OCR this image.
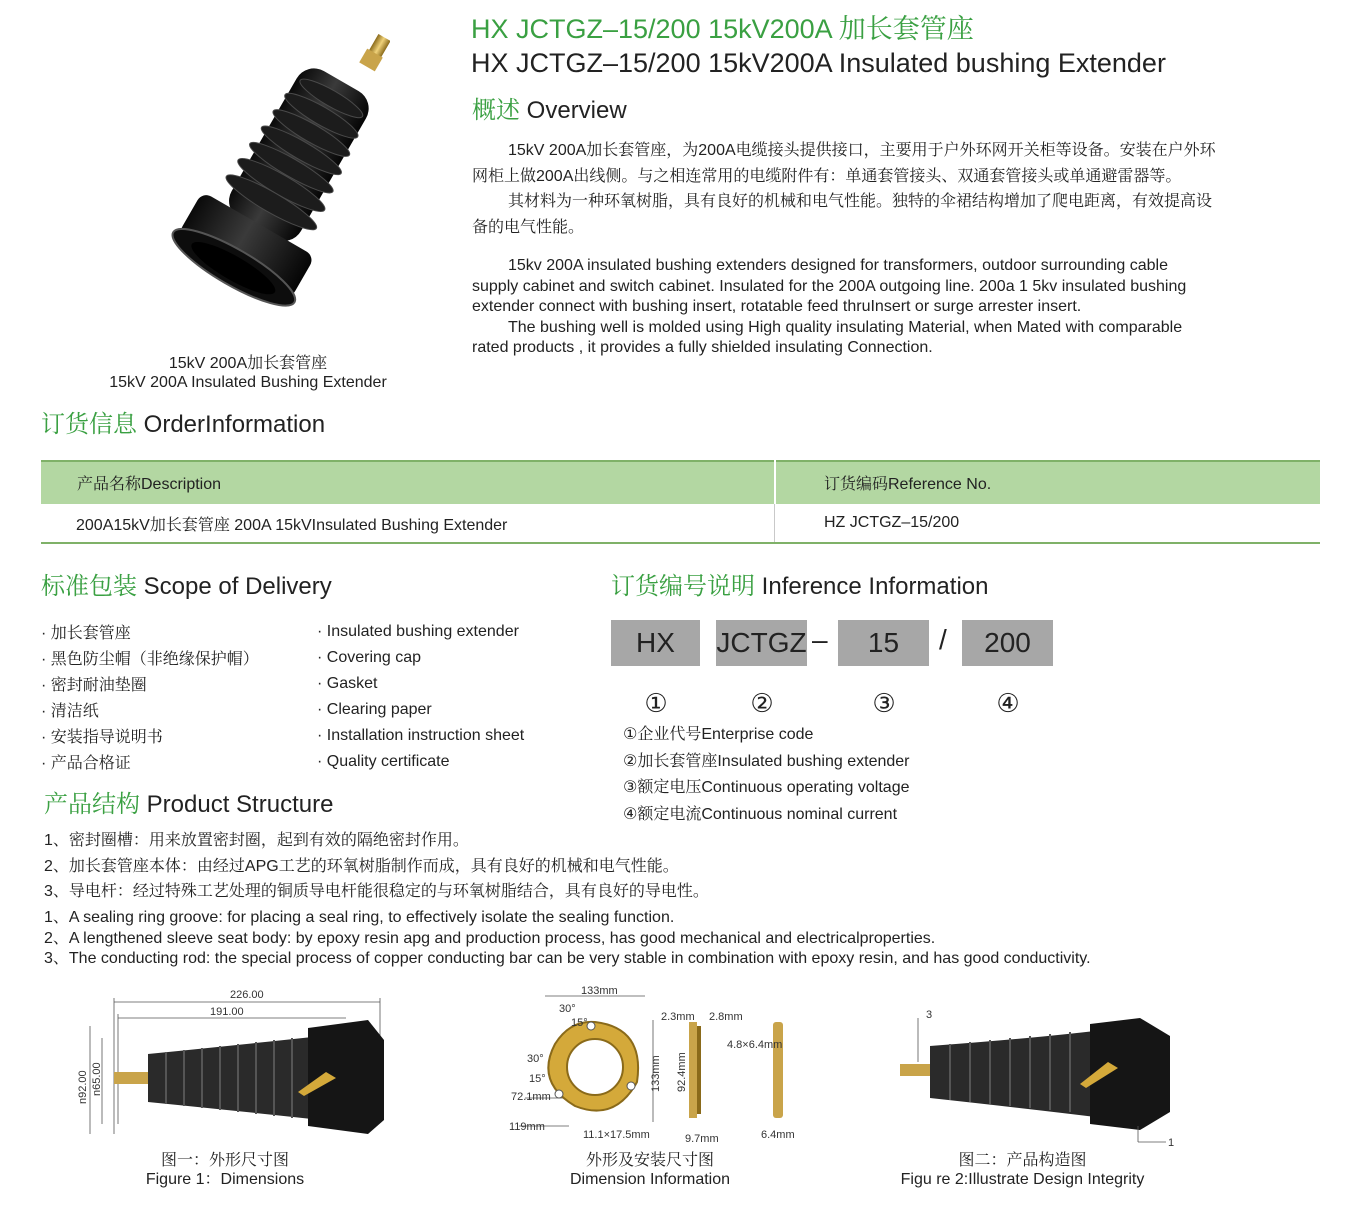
HX JCTGZ–15/200 15kV200A 加长套管座
HX JCTGZ–15/200 15kV200A Insulated bushing Extender
15kV 200A加长套管座
15kV 200A Insulated Bushing Extender
概述 Overview

15kV 200A加长套管座，为200A电缆接头提供接口，主要用于户外环网开关柜等设备。安装在户外环

网柜上做200A出线侧。与之相连常用的电缆附件有：单通套管接头、双通套管接头或单通避雷器等。

其材料为一种环氧树脂，具有良好的机械和电气性能。独特的伞裙结构增加了爬电距离，有效提高设

备的电气性能。

15kv 200A insulated bushing extenders designed for transformers, outdoor surrounding cable

supply cabinet and switch cabinet. Insulated for the 200A outgoing line. 200a 1 5kv insulated bushing

extender connect with bushing insert, rotatable feed thruInsert or surge arrester insert.

The bushing well is molded using High quality insulating Material, when Mated with comparable

rated products , it provides a fully shielded insulating Connection.

订货信息 OrderInformation
产品名称Description	订货编码Reference No.
200A15kV加长套管座 200A 15kVInsulated Bushing Extender	HZ JCTGZ–15/200
标准包装 Scope of Delivery
· 加长套管座
· 黑色防尘帽（非绝缘保护帽）
· 密封耐油垫圈
· 清洁纸
· 安装指导说明书
· 产品合格证
· Insulated bushing extender
· Covering cap
· Gasket
· Clearing paper
· Installation instruction sheet
· Quality certificate
订货编号说明 Inference Information
HX	JCTGZ –	15	/	200
①	②	③	④
①企业代号Enterprise code
②加长套管座Insulated bushing extender
③额定电压Continuous operating voltage
④额定电流Continuous nominal current
产品结构 Product Structure
1、密封圈槽：用来放置密封圈，起到有效的隔绝密封作用。
2、加长套管座本体：由经过APG工艺的环氧树脂制作而成，具有良好的机械和电气性能。
3、导电杆：经过特殊工艺处理的铜质导电杆能很稳定的与环氧树脂结合，具有良好的导电性。
1、A sealing ring groove: for placing a seal ring, to effectively isolate the sealing function.
2、A lengthened sleeve seat body: by epoxy resin apg and production process, has good mechanical and electricalproperties.
3、The conducting rod: the special process of copper conducting bar can be very stable in combination with epoxy resin, and has good conductivity.
226.00
191.00
n92.00 n65.00
图一：外形尺寸图
Figure 1：Dimensions
133mm
30°
15°
30°
15°
72.1mm
119mm
11.1×17.5mm
133mm 92.4mm
2.3mm 2.8mm
9.7mm
4.8×6.4mm
6.4mm
外形及安装尺寸图
Dimension Information
3
1
图二：产品构造图
Figu re 2:Illustrate Design Integrity
